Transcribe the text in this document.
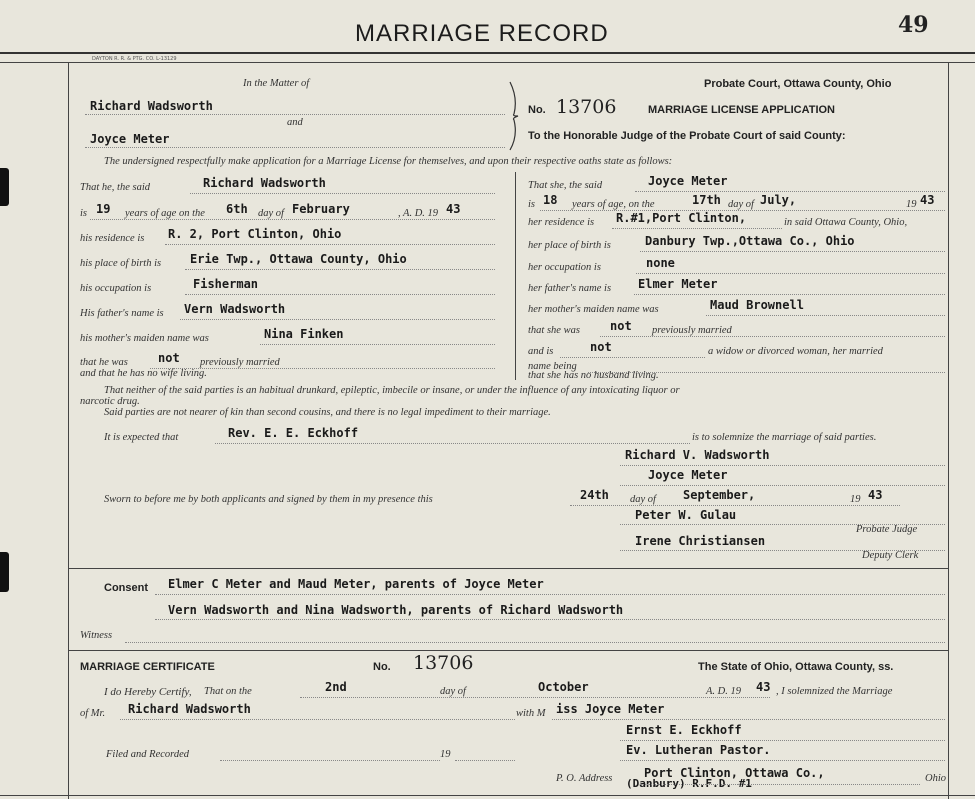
MARRIAGE RECORD	49
DAYTON R. R. & PTG. CO. L-13129
In the Matter of
Richard Wadsworth
and
Joyce Meter
Probate Court, Ottawa County, Ohio
No. 13706	MARRIAGE LICENSE APPLICATION
To the Honorable Judge of the Probate Court of said County:
The undersigned respectfully make application for a Marriage License for themselves, and upon their respective oaths state as follows:
That he, the said	Richard Wadsworth
is 19 years of age on the 6th day of February	, A. D. 19 43
his residence is R. 2, Port Clinton, Ohio
his place of birth is Erie Twp., Ottawa County, Ohio
his occupation is	Fisherman
His father's name is Vern Wadsworth
his mother's maiden name was	Nina Finken
that he was	not previously married
and that he has no wife living.
That she, the said	Joyce Meter
is 18 years of age, on the	17th day of July,	19 43
her residence is R.#1,Port Clinton,	in said Ottawa County, Ohio,
her place of birth is	Danbury Twp.,Ottawa Co., Ohio
her occupation is	none
her father's name is Elmer Meter
her mother's maiden name was	Maud Brownell
that she was	not previously married
and is	not	a widow or divorced woman, her married
name being
that she has no husband living.
That neither of the said parties is an habitual drunkard, epileptic, imbecile or insane, or under the influence of any intoxicating liquor or
narcotic drug.
Said parties are not nearer of kin than second cousins, and there is no legal impediment to their marriage.
It is expected that	Rev. E. E. Eckhoff	is to solemnize the marriage of said parties.
Richard V. Wadsworth
Joyce Meter
Sworn to before me by both applicants and signed by them in my presence this	24th day of September,	19 43
Peter W. Gulau
Probate Judge
Irene Christiansen
Deputy Clerk
Consent Elmer C Meter and Maud Meter, parents of Joyce Meter
Vern Wadsworth and Nina Wadsworth, parents of Richard Wadsworth
Witness
MARRIAGE CERTIFICATE	No. 13706	The State of Ohio, Ottawa County, ss.
I do Hereby Certify, That on the	2nd	day of	October	A. D. 19 43 , I solemnized the Marriage
of Mr. Richard Wadsworth	with M iss Joyce Meter
Ernst E. Eckhoff
Filed and Recorded	19	Ev. Lutheran Pastor.
P. O. Address	Port Clinton, Ottawa Co.,
(Danbury) R.F.D. #1	Ohio
